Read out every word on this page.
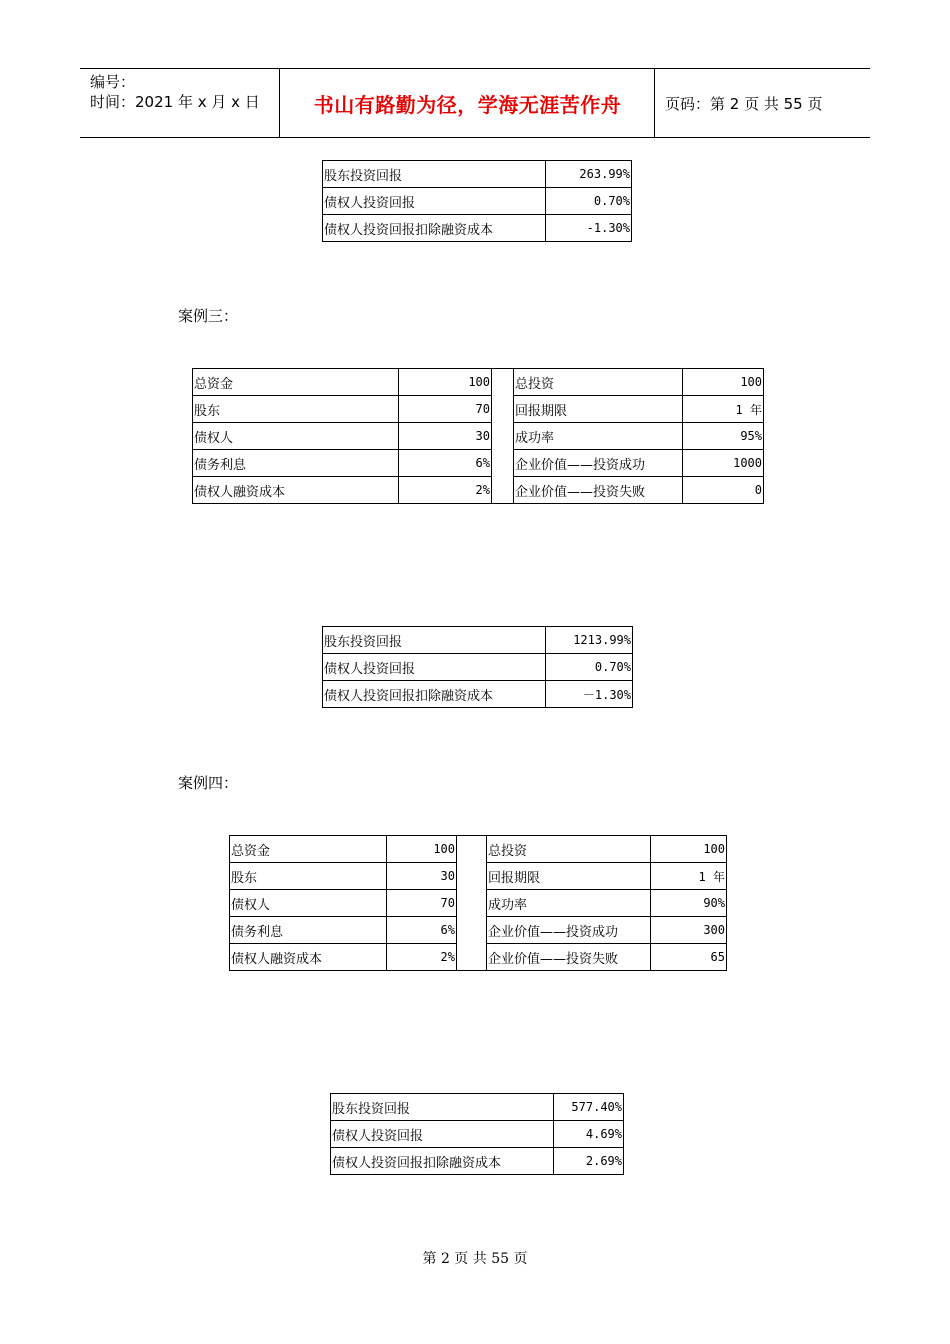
编号：
时间：2021 年 x 月 x 日	书山有路勤为径，学海无涯苦作舟	页码：第 2 页 共 55 页
股东投资回报	263.99%
债权人投资回报	0.70%
债权人投资回报扣除融资成本	-1.30%
案例三：
总资金	100		总投资	100
股东	70		回报期限	1 年
债权人	30		成功率	95%
债务利息	6%		企业价值——投资成功	1000
债权人融资成本	2%		企业价值——投资失败	0
股东投资回报	1213.99%
债权人投资回报	0.70%
债权人投资回报扣除融资成本	－1.30%
案例四：
总资金	100		总投资	100
股东	30		回报期限	1 年
债权人	70		成功率	90%
债务利息	6%		企业价值——投资成功	300
债权人融资成本	2%		企业价值——投资失败	65
股东投资回报	577.40%
债权人投资回报	4.69%
债权人投资回报扣除融资成本	2.69%
第 2 页 共 55 页
